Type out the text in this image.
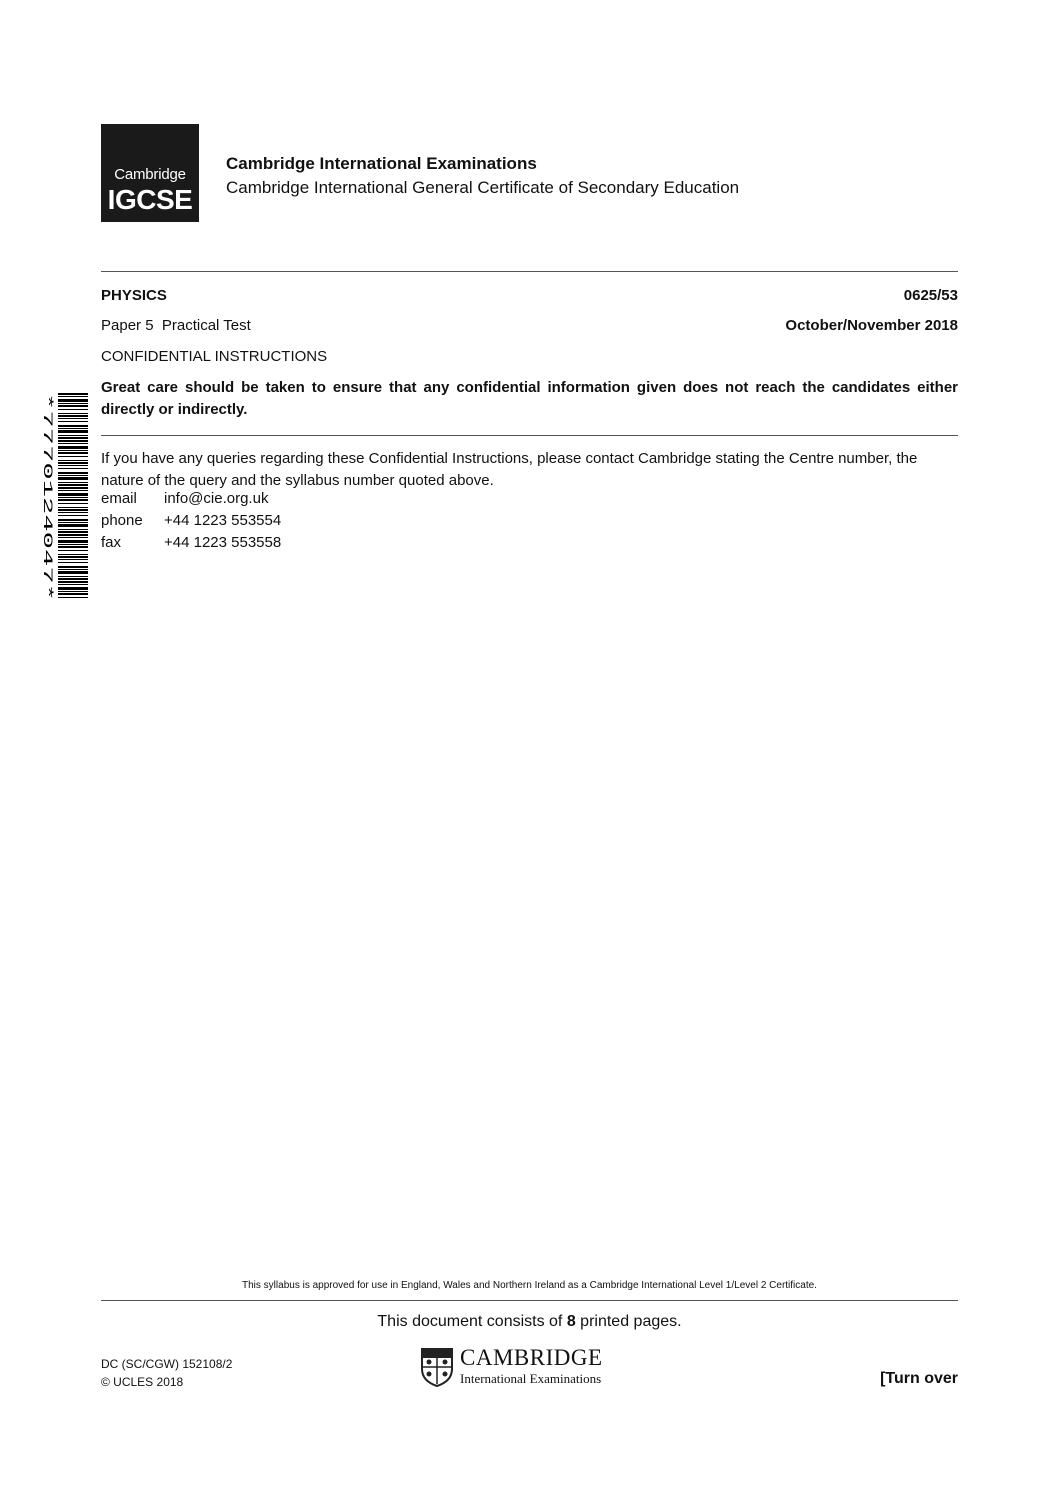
Cambridge
IGCSE
Cambridge International Examinations
Cambridge International General Certificate of Secondary Education
PHYSICS	0625/53
Paper 5  Practical Test	October/November 2018
CONFIDENTIAL INSTRUCTIONS
Great care should be taken to ensure that any confidential information given does not reach the candidates either directly or indirectly.
*7770124047*	If you have any queries regarding these Confidential Instructions, please contact Cambridge stating the Centre number, the nature of the query and the syllabus number quoted above.
email info@cie.org.uk
phone +44 1223 553554
fax	+44 1223 553558
This syllabus is approved for use in England, Wales and Northern Ireland as a Cambridge International Level 1/Level 2 Certificate.
This document consists of 8 printed pages.
DC (SC/CGW) 152108/2
© UCLES 2018
CAMBRIDGE
International Examinations	[Turn over
